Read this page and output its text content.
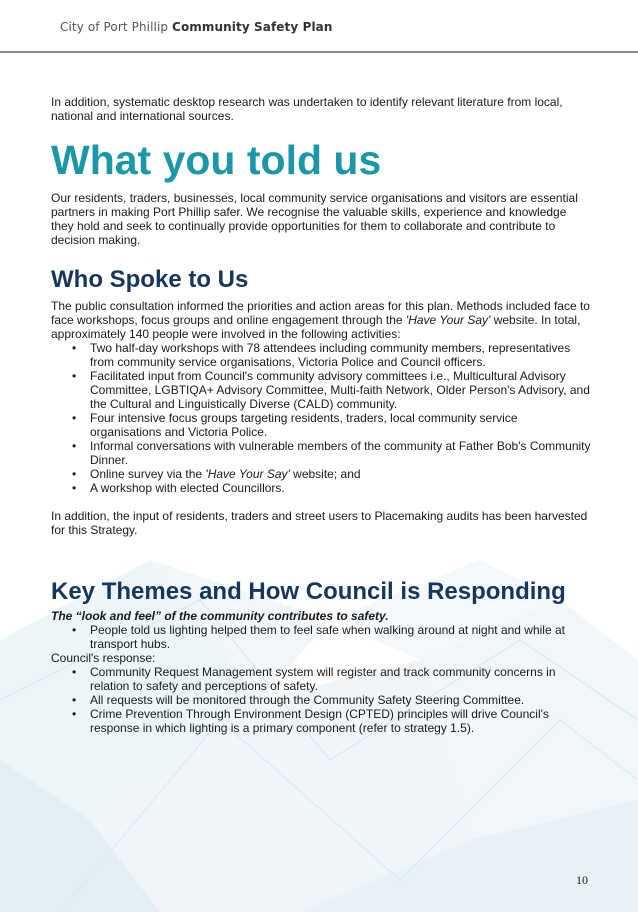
City of Port Phillip Community Safety Plan

In addition, systematic desktop research was undertaken to identify relevant literature from local, national and international sources.

What you told us

Our residents, traders, businesses, local community service organisations and visitors are essential partners in making Port Phillip safer. We recognise the valuable skills, experience and knowledge they hold and seek to continually provide opportunities for them to collaborate and contribute to decision making.

Who Spoke to Us

The public consultation informed the priorities and action areas for this plan. Methods included face to face workshops, focus groups and online engagement through the 'Have Your Say' website. In total, approximately 140 people were involved in the following activities:

• Two half-day workshops with 78 attendees including community members, representatives from community service organisations, Victoria Police and Council officers.
• Facilitated input from Council's community advisory committees i.e., Multicultural Advisory Committee, LGBTIQA+ Advisory Committee, Multi-faith Network, Older Person's Advisory, and the Cultural and Linguistically Diverse (CALD) community.
• Four intensive focus groups targeting residents, traders, local community service organisations and Victoria Police.
• Informal conversations with vulnerable members of the community at Father Bob's Community Dinner.
• Online survey via the 'Have Your Say' website; and
• A workshop with elected Councillors.

In addition, the input of residents, traders and street users to Placemaking audits has been harvested for this Strategy.

Key Themes and How Council is Responding

The “look and feel” of the community contributes to safety.

• People told us lighting helped them to feel safe when walking around at night and while at transport hubs.

Council's response:

• Community Request Management system will register and track community concerns in relation to safety and perceptions of safety.
• All requests will be monitored through the Community Safety Steering Committee.
• Crime Prevention Through Environment Design (CPTED) principles will drive Council's response in which lighting is a primary component (refer to strategy 1.5).
10
